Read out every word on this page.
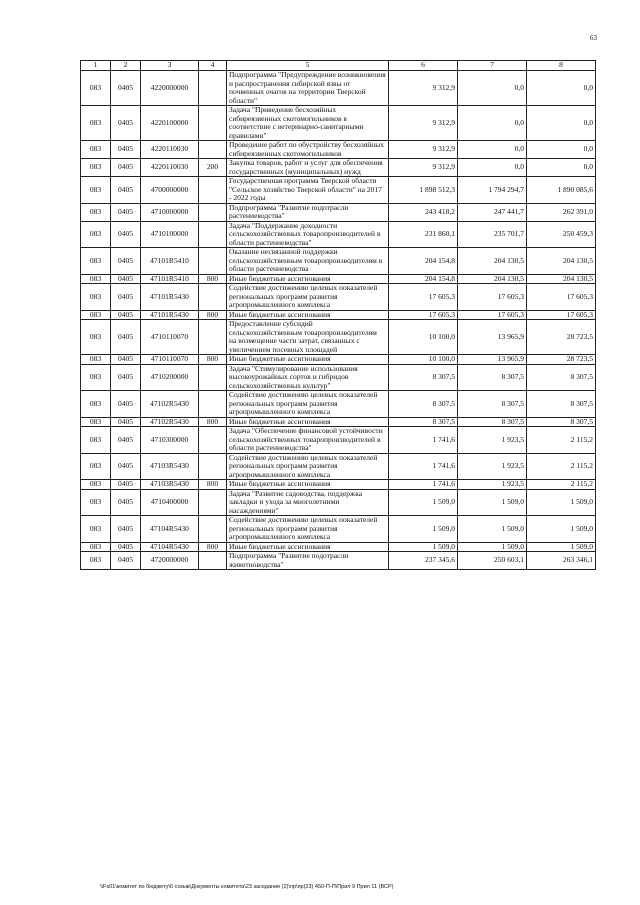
63
1	2	3	4	5	6	7	8
083	0405	4220000000		Подпрограмма "Предупреждение возникновения и распространения сибирской язвы от почвенных очагов на территории Тверской области"	9 312,9	0,0	0,0
083	0405	4220100000		Задача "Приведение бесхозяйных сибиреязвенных скотомогильников в соответствие с ветеринарно-санитарными правилами"	9 312,9	0,0	0,0
083	0405	4220110030		Проведение работ по обустройству бесхозяйных сибиреязвенных скотомогильников	9 312,9	0,0	0,0
083	0405	4220110030	200	Закупка товаров, работ и услуг для обеспечения государственных (муниципальных) нужд	9 312,9	0,0	0,0
083	0405	4700000000		Государственная программа Тверской области "Сельское хозяйство Тверской области" на 2017 - 2022 годы	1 898 512,3	1 794 294,7	1 890 085,6
083	0405	4710000000		Подпрограмма "Развитие подотрасли растениеводства"	243 418,2	247 441,7	262 391,0
083	0405	4710100000		Задача "Поддержание доходности сельскохозяйственных товаропроизводителей в области растениеводства"	231 860,1	235 701,7	250 459,3
083	0405	47101R5410		Оказание несвязанной поддержки сельскохозяйственным товаропроизводителям в области растениеводства	204 154,8	204 130,5	204 130,5
083	0405	47101R5410	800	Иные бюджетные ассигнования	204 154,8	204 130,5	204 130,5
083	0405	47101R5430		Содействие достижению целевых показателей региональных программ развития агропромышленного комплекса	17 605,3	17 605,3	17 605,3
083	0405	47101R5430	800	Иные бюджетные ассигнования	17 605,3	17 605,3	17 605,3
083	0405	4710110070		Предоставление субсидий сельскохозяйственным товаропроизводителям на возмещение части затрат, связанных с увеличением посевных площадей	10 100,0	13 965,9	28 723,5
083	0405	4710110070	800	Иные бюджетные ассигнования	10 100,0	13 965,9	28 723,5
083	0405	4710200000		Задача "Стимулирование использования высокоурожайных сортов и гибридов сельскохозяйственных культур"	8 307,5	8 307,5	8 307,5
083	0405	47102R5430		Содействие достижению целевых показателей региональных программ развития агропромышленного комплекса	8 307,5	8 307,5	8 307,5
083	0405	47102R5430	800	Иные бюджетные ассигнования	8 307,5	8 307,5	8 307,5
083	0405	4710300000		Задача "Обеспечение финансовой устойчивости сельскохозяйственных товаропроизводителей в области растениеводства"	1 741,6	1 923,5	2 115,2
083	0405	47103R5430		Содействие достижению целевых показателей региональных программ развития агропромышленного комплекса	1 741,6	1 923,5	2 115,2
083	0405	47103R5430	800	Иные бюджетные ассигнования	1 741,6	1 923,5	2 115,2
083	0405	4710400000		Задача "Развитие садоводства, поддержка закладки и ухода за многолетними насаждениями"	1 509,0	1 509,0	1 509,0
083	0405	47104R5430		Содействие достижению целевых показателей региональных программ развития агропромышленного комплекса	1 509,0	1 509,0	1 509,0
083	0405	47104R5430	800	Иные бюджетные ассигнования	1 509,0	1 509,0	1 509,0
083	0405	4720000000		Подпрограмма "Развитие подотрасли животноводства"	237 345,6	250 603,1	263 346,1
\\Fs01\комитет по бюджету\6 созыв\Документы комитета\23 заседание (2)\пр\пр(23) 450-П-П\Прил 9 Прил 11 (ВСР)
